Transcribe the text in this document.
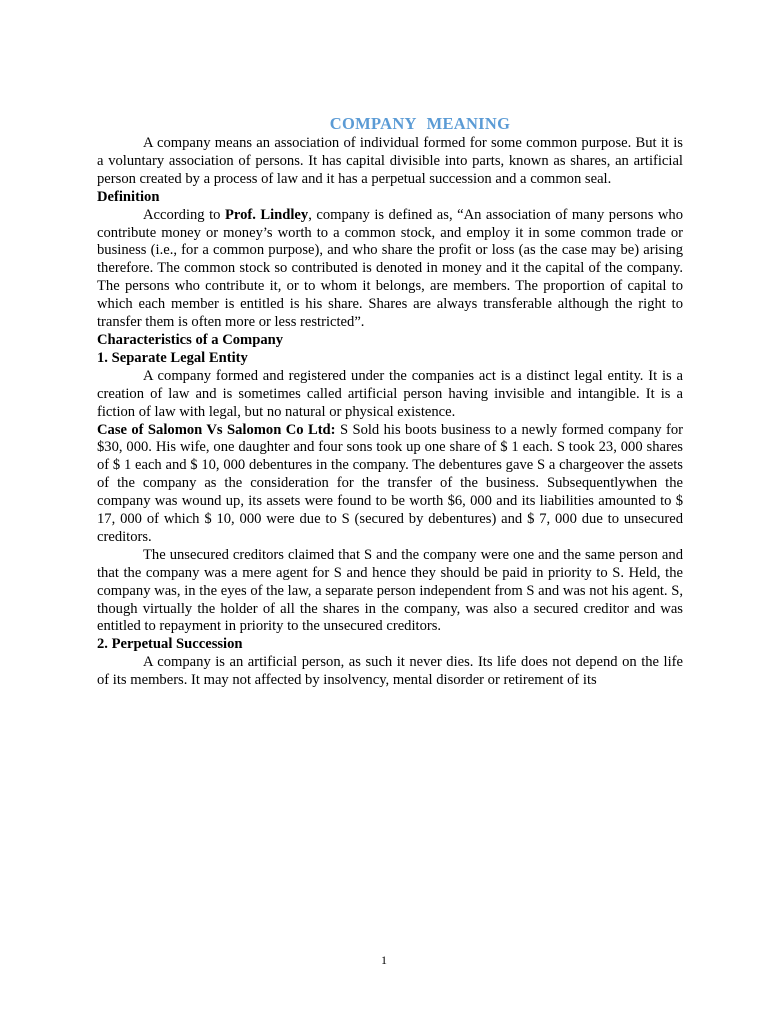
COMPANY MEANING

A company means an association of individual formed for some common purpose. But it is a voluntary association of persons. It has capital divisible into parts, known as shares, an artificial person created by a process of law and it has a perpetual succession and a common seal.

Definition

According to Prof. Lindley, company is defined as, “An association of many persons who contribute money or money’s worth to a common stock, and employ it in some common trade or business (i.e., for a common purpose), and who share the profit or loss (as the case may be) arising therefore. The common stock so contributed is denoted in money and it the capital of the company. The persons who contribute it, or to whom it belongs, are members. The proportion of capital to which each member is entitled is his share. Shares are always transferable although the right to transfer them is often more or less restricted”.

Characteristics of a Company

1. Separate Legal Entity

A company formed and registered under the companies act is a distinct legal entity. It is a creation of law and is sometimes called artificial person having invisible and intangible. It is a fiction of law with legal, but no natural or physical existence.

Case of Salomon Vs Salomon Co Ltd: S Sold his boots business to a newly formed company for $30, 000. His wife, one daughter and four sons took up one share of $ 1 each. S took 23, 000 shares of $ 1 each and $ 10, 000 debentures in the company. The debentures gave S a chargeover the assets of the company as the consideration for the transfer of the business. Subsequentlywhen the company was wound up, its assets were found to be worth $6, 000 and its liabilities amounted to $ 17, 000 of which $ 10, 000 were due to S (secured by debentures) and $ 7, 000 due to unsecured creditors.

The unsecured creditors claimed that S and the company were one and the same person and that the company was a mere agent for S and hence they should be paid in priority to S. Held, the company was, in the eyes of the law, a separate person independent from S and was not his agent. S, though virtually the holder of all the shares in the company, was also a secured creditor and was entitled to repayment in priority to the unsecured creditors.

2. Perpetual Succession

A company is an artificial person, as such it never dies. Its life does not depend on the life of its members. It may not affected by insolvency, mental disorder or retirement of its

1
